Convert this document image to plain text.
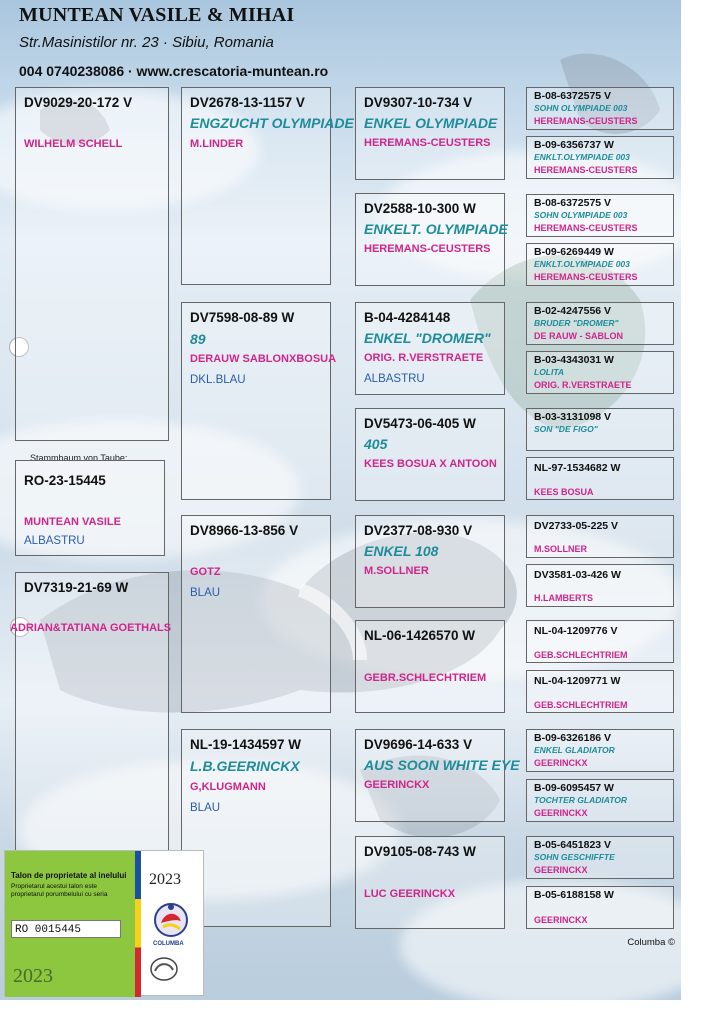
MUNTEAN VASILE & MIHAI
Str.Masinistilor nr. 23 · Sibiu, Romania
004 0740238086 · www.crescatoria-muntean.ro
DV9029-20-172 V
WILHELM SCHELL
DV7319-21-69 W
ADRIAN&TATIANA GOETHALS
Stammbaum von Taube:
RO-23-15445
MUNTEAN VASILE
ALBASTRU
DV2678-13-1157 V
ENGZUCHT OLYMPIADE
M.LINDER
DV7598-08-89 W
89
DERAUW SABLONXBOSUA
DKL.BLAU
DV8966-13-856 V
GOTZ
BLAU
NL-19-1434597 W
L.B.GEERINCKX
G,KLUGMANN
BLAU
DV9307-10-734 V
ENKEL OLYMPIADE
HEREMANS-CEUSTERS
DV2588-10-300 W
ENKELT. OLYMPIADE
HEREMANS-CEUSTERS
B-04-4284148
ENKEL "DROMER"
ORIG. R.VERSTRAETE
ALBASTRU
DV5473-06-405 W
405
KEES BOSUA X ANTOON
DV2377-08-930 V
ENKEL 108
M.SOLLNER
NL-06-1426570 W
GEBR.SCHLECHTRIEM
DV9696-14-633 V
AUS SOON WHITE EYE
GEERINCKX
DV9105-08-743 W
LUC GEERINCKX
B-08-6372575 V
SOHN OLYMPIADE 003
HEREMANS-CEUSTERS
B-09-6356737 W
ENKLT.OLYMPIADE 003
HEREMANS-CEUSTERS
B-08-6372575 V
SOHN OLYMPIADE 003
HEREMANS-CEUSTERS
B-09-6269449 W
ENKLT.OLYMPIADE 003
HEREMANS-CEUSTERS
B-02-4247556 V
BRUDER "DROMER"
DE RAUW - SABLON
B-03-4343031 W
LOLITA
ORIG. R.VERSTRAETE
B-03-3131098 V
SON "DE FIGO"
NL-97-1534682 W
KEES BOSUA
DV2733-05-225 V
M.SOLLNER
DV3581-03-426 W
H.LAMBERTS
NL-04-1209776 V
GEB.SCHLECHTRIEM
NL-04-1209771 W
GEB.SCHLECHTRIEM
B-09-6326186 V
ENKEL GLADIATOR
GEERINCKX
B-09-6095457 W
TOCHTER GLADIATOR
GEERINCKX
B-05-6451823 V
SOHN GESCHIFFTE
GEERINCKX
B-05-6188158 W
GEERINCKX
Columba ©
Talon de proprietate al inelului
Proprietarul acestui talon este proprietarul porumbelului cu seria
RO 0015445
2023
2023
COLUMBA
